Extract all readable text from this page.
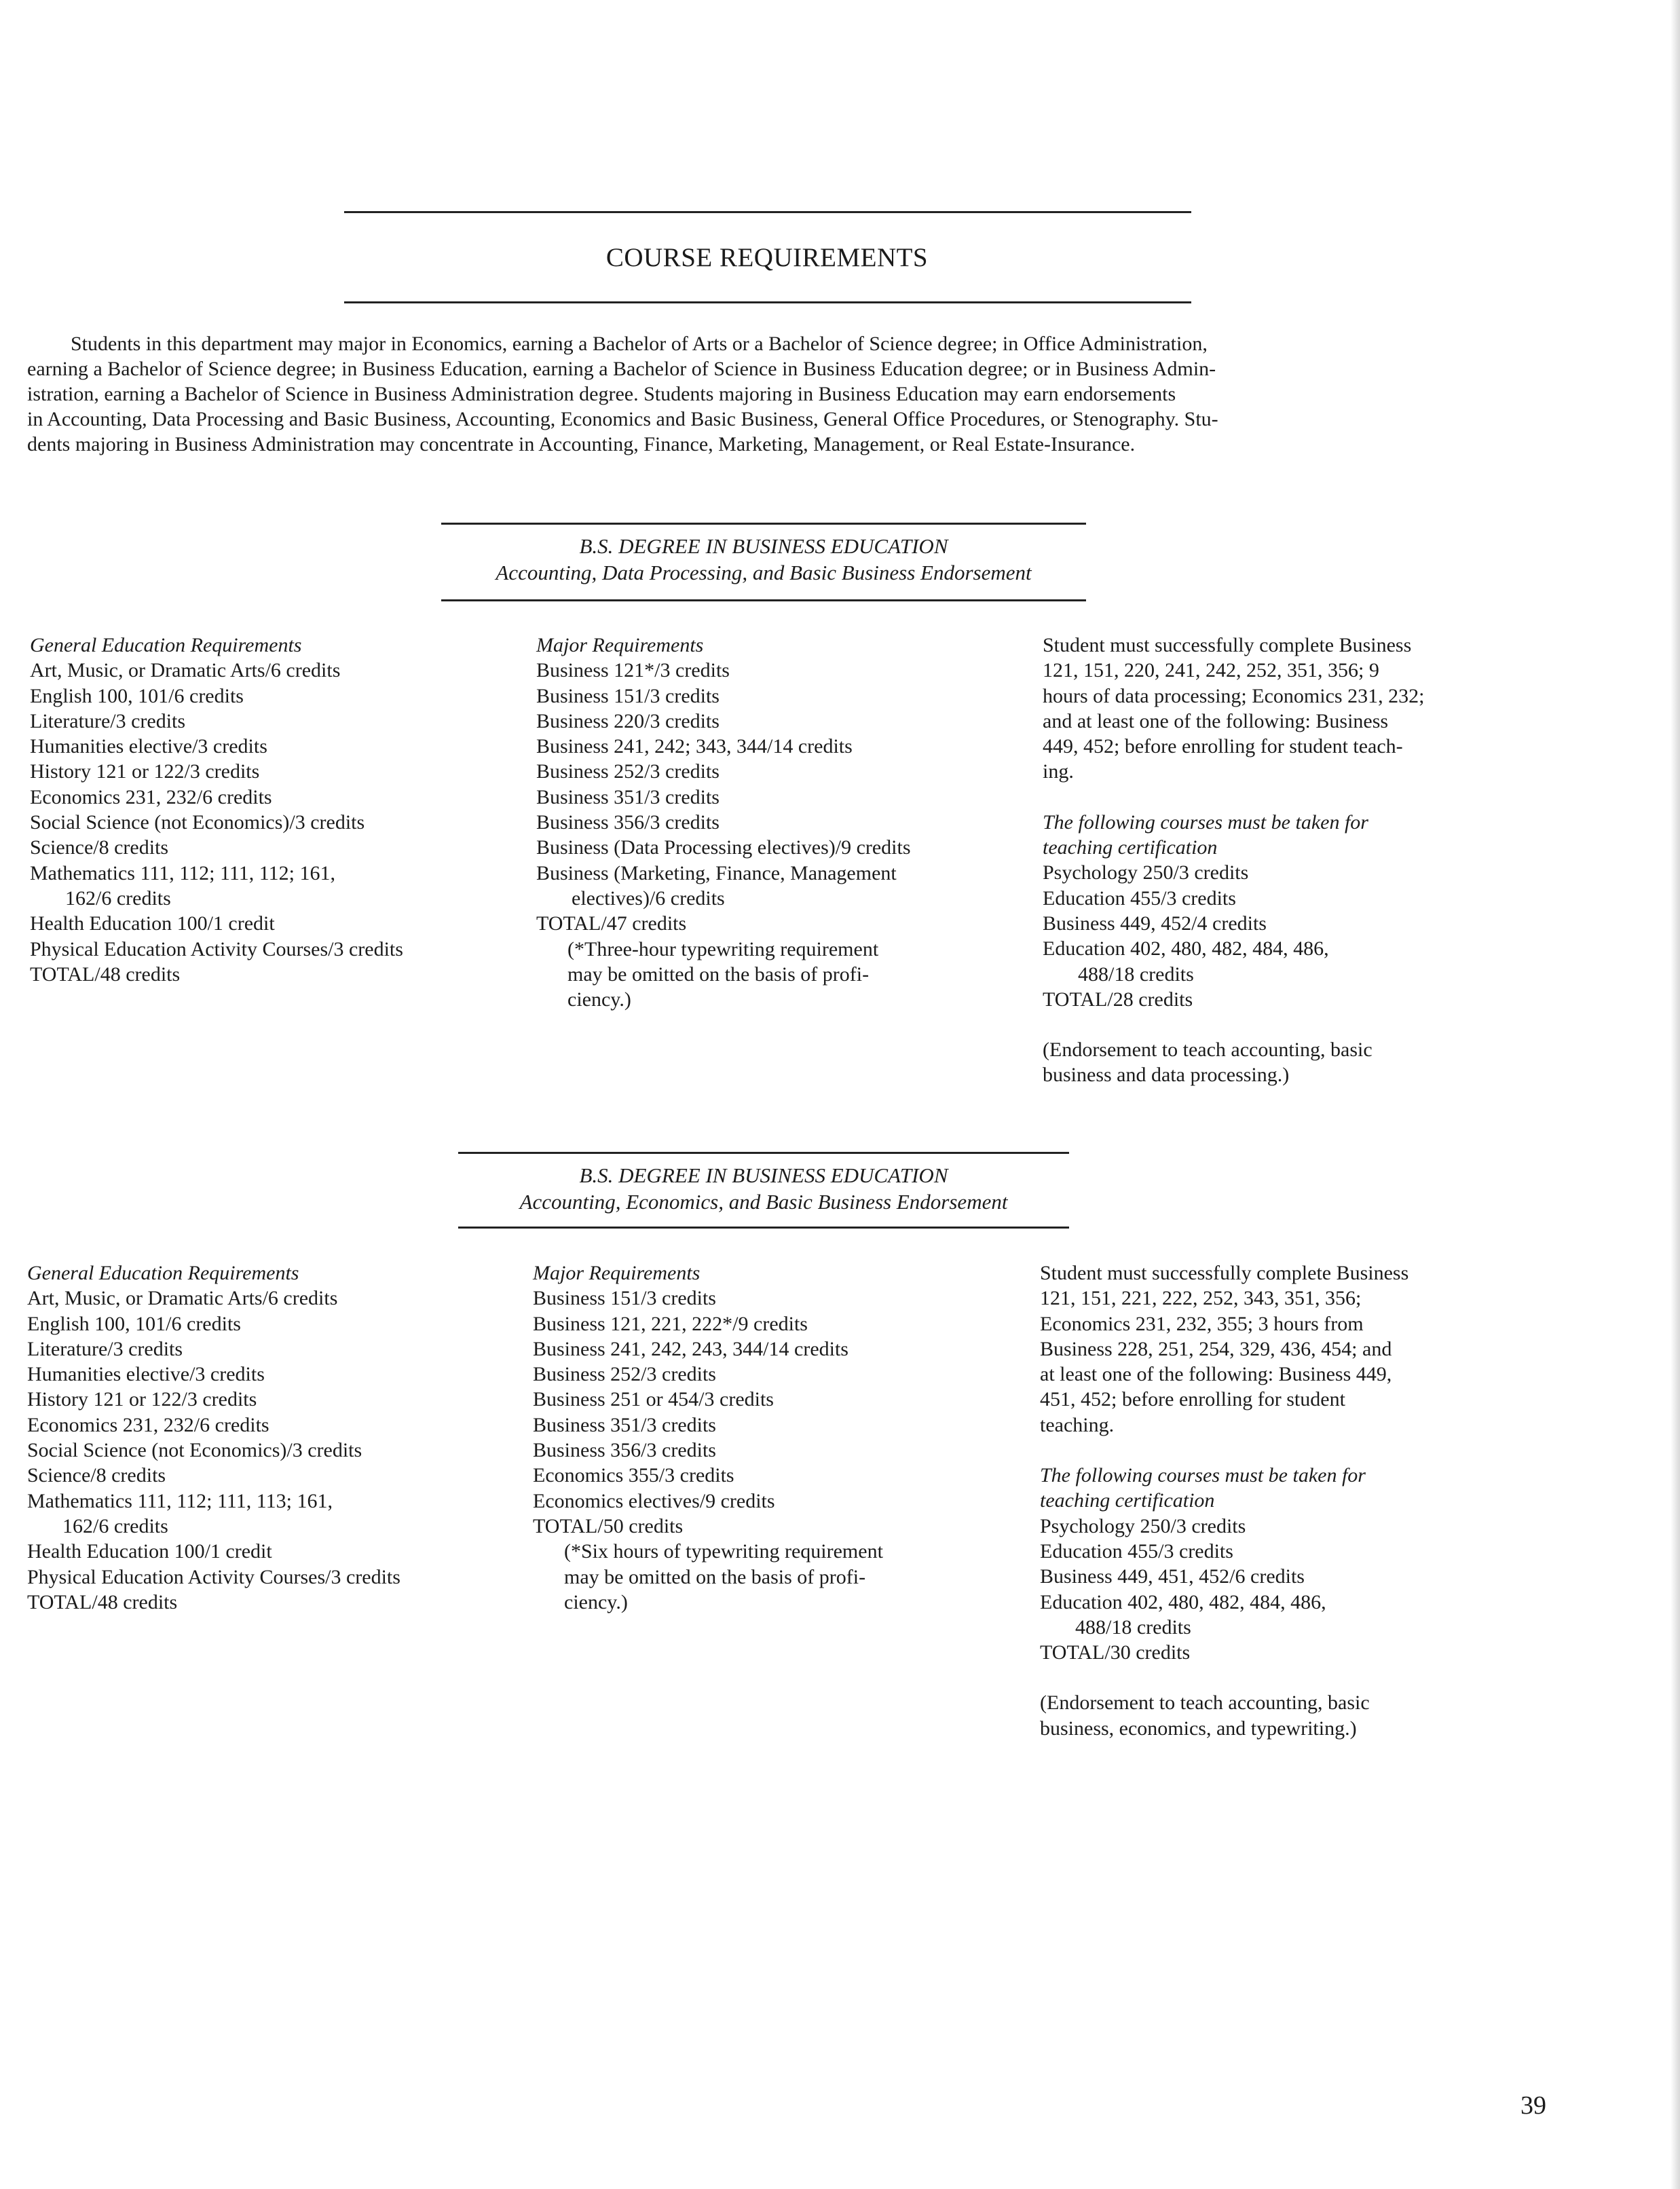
COURSE REQUIREMENTS
Students in this department may major in Economics, earning a Bachelor of Arts or a Bachelor of Science degree; in Office Administration,
earning a Bachelor of Science degree; in Business Education, earning a Bachelor of Science in Business Education degree; or in Business Admin-
istration, earning a Bachelor of Science in Business Administration degree. Students majoring in Business Education may earn endorsements
in Accounting, Data Processing and Basic Business, Accounting, Economics and Basic Business, General Office Procedures, or Stenography. Stu-
dents majoring in Business Administration may concentrate in Accounting, Finance, Marketing, Management, or Real Estate-Insurance.
B.S. DEGREE IN BUSINESS EDUCATION
Accounting, Data Processing, and Basic Business Endorsement
General Education Requirements
Art, Music, or Dramatic Arts/6 credits
English 100, 101/6 credits
Literature/3 credits
Humanities elective/3 credits
History 121 or 122/3 credits
Economics 231, 232/6 credits
Social Science (not Economics)/3 credits
Science/8 credits
Mathematics 111, 112; 111, 112; 161,
162/6 credits
Health Education 100/1 credit
Physical Education Activity Courses/3 credits
TOTAL/48 credits
Major Requirements
Business 121*/3 credits
Business 151/3 credits
Business 220/3 credits
Business 241, 242; 343, 344/14 credits
Business 252/3 credits
Business 351/3 credits
Business 356/3 credits
Business (Data Processing electives)/9 credits
Business (Marketing, Finance, Management
electives)/6 credits
TOTAL/47 credits
(*Three-hour typewriting requirement
may be omitted on the basis of profi-
ciency.)
Student must successfully complete Business
121, 151, 220, 241, 242, 252, 351, 356; 9
hours of data processing; Economics 231, 232;
and at least one of the following: Business
449, 452; before enrolling for student teach-
ing.
The following courses must be taken for
teaching certification
Psychology 250/3 credits
Education 455/3 credits
Business 449, 452/4 credits
Education 402, 480, 482, 484, 486,
488/18 credits
TOTAL/28 credits
(Endorsement to teach accounting, basic
business and data processing.)
B.S. DEGREE IN BUSINESS EDUCATION
Accounting, Economics, and Basic Business Endorsement
General Education Requirements
Art, Music, or Dramatic Arts/6 credits
English 100, 101/6 credits
Literature/3 credits
Humanities elective/3 credits
History 121 or 122/3 credits
Economics 231, 232/6 credits
Social Science (not Economics)/3 credits
Science/8 credits
Mathematics 111, 112; 111, 113; 161,
162/6 credits
Health Education 100/1 credit
Physical Education Activity Courses/3 credits
TOTAL/48 credits
Major Requirements
Business 151/3 credits
Business 121, 221, 222*/9 credits
Business 241, 242, 243, 344/14 credits
Business 252/3 credits
Business 251 or 454/3 credits
Business 351/3 credits
Business 356/3 credits
Economics 355/3 credits
Economics electives/9 credits
TOTAL/50 credits
(*Six hours of typewriting requirement
may be omitted on the basis of profi-
ciency.)
Student must successfully complete Business
121, 151, 221, 222, 252, 343, 351, 356;
Economics 231, 232, 355; 3 hours from
Business 228, 251, 254, 329, 436, 454; and
at least one of the following: Business 449,
451, 452; before enrolling for student
teaching.
The following courses must be taken for
teaching certification
Psychology 250/3 credits
Education 455/3 credits
Business 449, 451, 452/6 credits
Education 402, 480, 482, 484, 486,
488/18 credits
TOTAL/30 credits
(Endorsement to teach accounting, basic
business, economics, and typewriting.)
39
